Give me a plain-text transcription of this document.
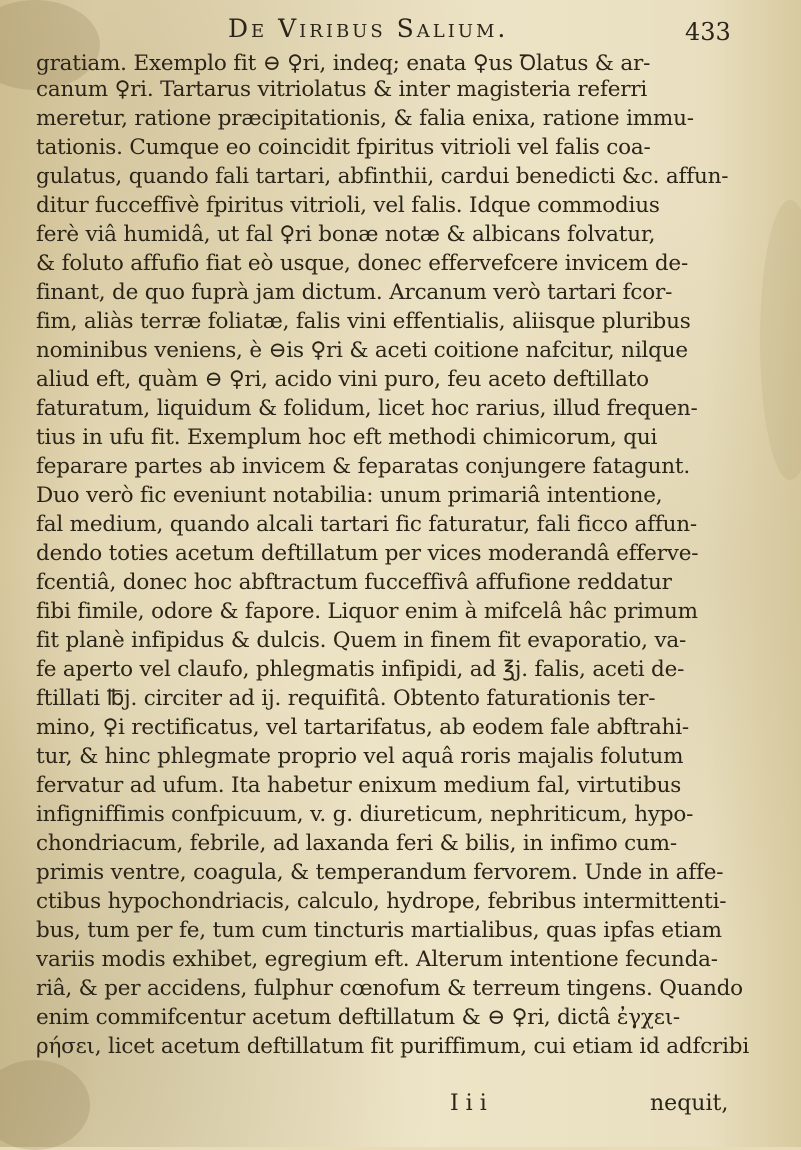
De Viribus Salium.	433
gratiam. Exemplo fit ⊖ ♀ri, indeq; enata ♀us Ꝺlatus & ar-
canum ♀ri. Tartarus vitriolatus & inter magisteria referri
meretur, ratione præcipitationis, & falia enixa, ratione immu-
tationis. Cumque eo coincidit fpiritus vitrioli vel falis coa-
gulatus, quando fali tartari, abfinthii, cardui benedicti &c. affun-
ditur fucceffivè fpiritus vitrioli, vel falis. Idque commodius
ferè viâ humidâ, ut fal ♀ri bonæ notæ & albicans folvatur,
& foluto affufio fiat eò usque, donec effervefcere invicem de-
finant, de quo fuprà jam dictum. Arcanum verò tartari fcor-
fim, aliàs terræ foliatæ, falis vini effentialis, aliisque pluribus
nominibus veniens, è ⊖is ♀ri & aceti coitione nafcitur, nilque
aliud eft, quàm ⊖ ♀ri, acido vini puro, feu aceto deftillato
faturatum, liquidum & folidum, licet hoc rarius, illud frequen-
tius in ufu fit. Exemplum hoc eft methodi chimicorum, qui
feparare partes ab invicem & feparatas conjungere fatagunt.
Duo verò fic eveniunt notabilia: unum primariâ intentione,
fal medium, quando alcali tartari fic faturatur, fali ficco affun-
dendo toties acetum deftillatum per vices moderandâ efferve-
fcentiâ, donec hoc abftractum fucceffivâ affufione reddatur
fibi fimile, odore & fapore. Liquor enim à mifcelâ hâc primum
fit planè infipidus & dulcis. Quem in finem fit evaporatio, va-
fe aperto vel claufo, phlegmatis infipidi, ad ℥j. falis, aceti de-
ftillati ℔j. circiter ad ij. requifitâ. Obtento faturationis ter-
mino, ♀i rectificatus, vel tartarifatus, ab eodem fale abftrahi-
tur, & hinc phlegmate proprio vel aquâ roris majalis folutum
fervatur ad ufum. Ita habetur enixum medium fal, virtutibus
infigniffimis confpicuum, v. g. diureticum, nephriticum, hypo-
chondriacum, febrile, ad laxanda feri & bilis, in infimo cum-
primis ventre, coagula, & temperandum fervorem. Unde in affe-
ctibus hypochondriacis, calculo, hydrope, febribus intermittenti-
bus, tum per fe, tum cum tincturis martialibus, quas ipfas etiam
variis modis exhibet, egregium eft. Alterum intentione fecunda-
riâ, & per accidens, fulphur cœnofum & terreum tingens. Quando
enim commifcentur acetum deftillatum & ⊖ ♀ri, dictâ ἐγχει-
ρήσει, licet acetum deftillatum fit puriffimum, cui etiam id adfcribi
I i i	nequit,
